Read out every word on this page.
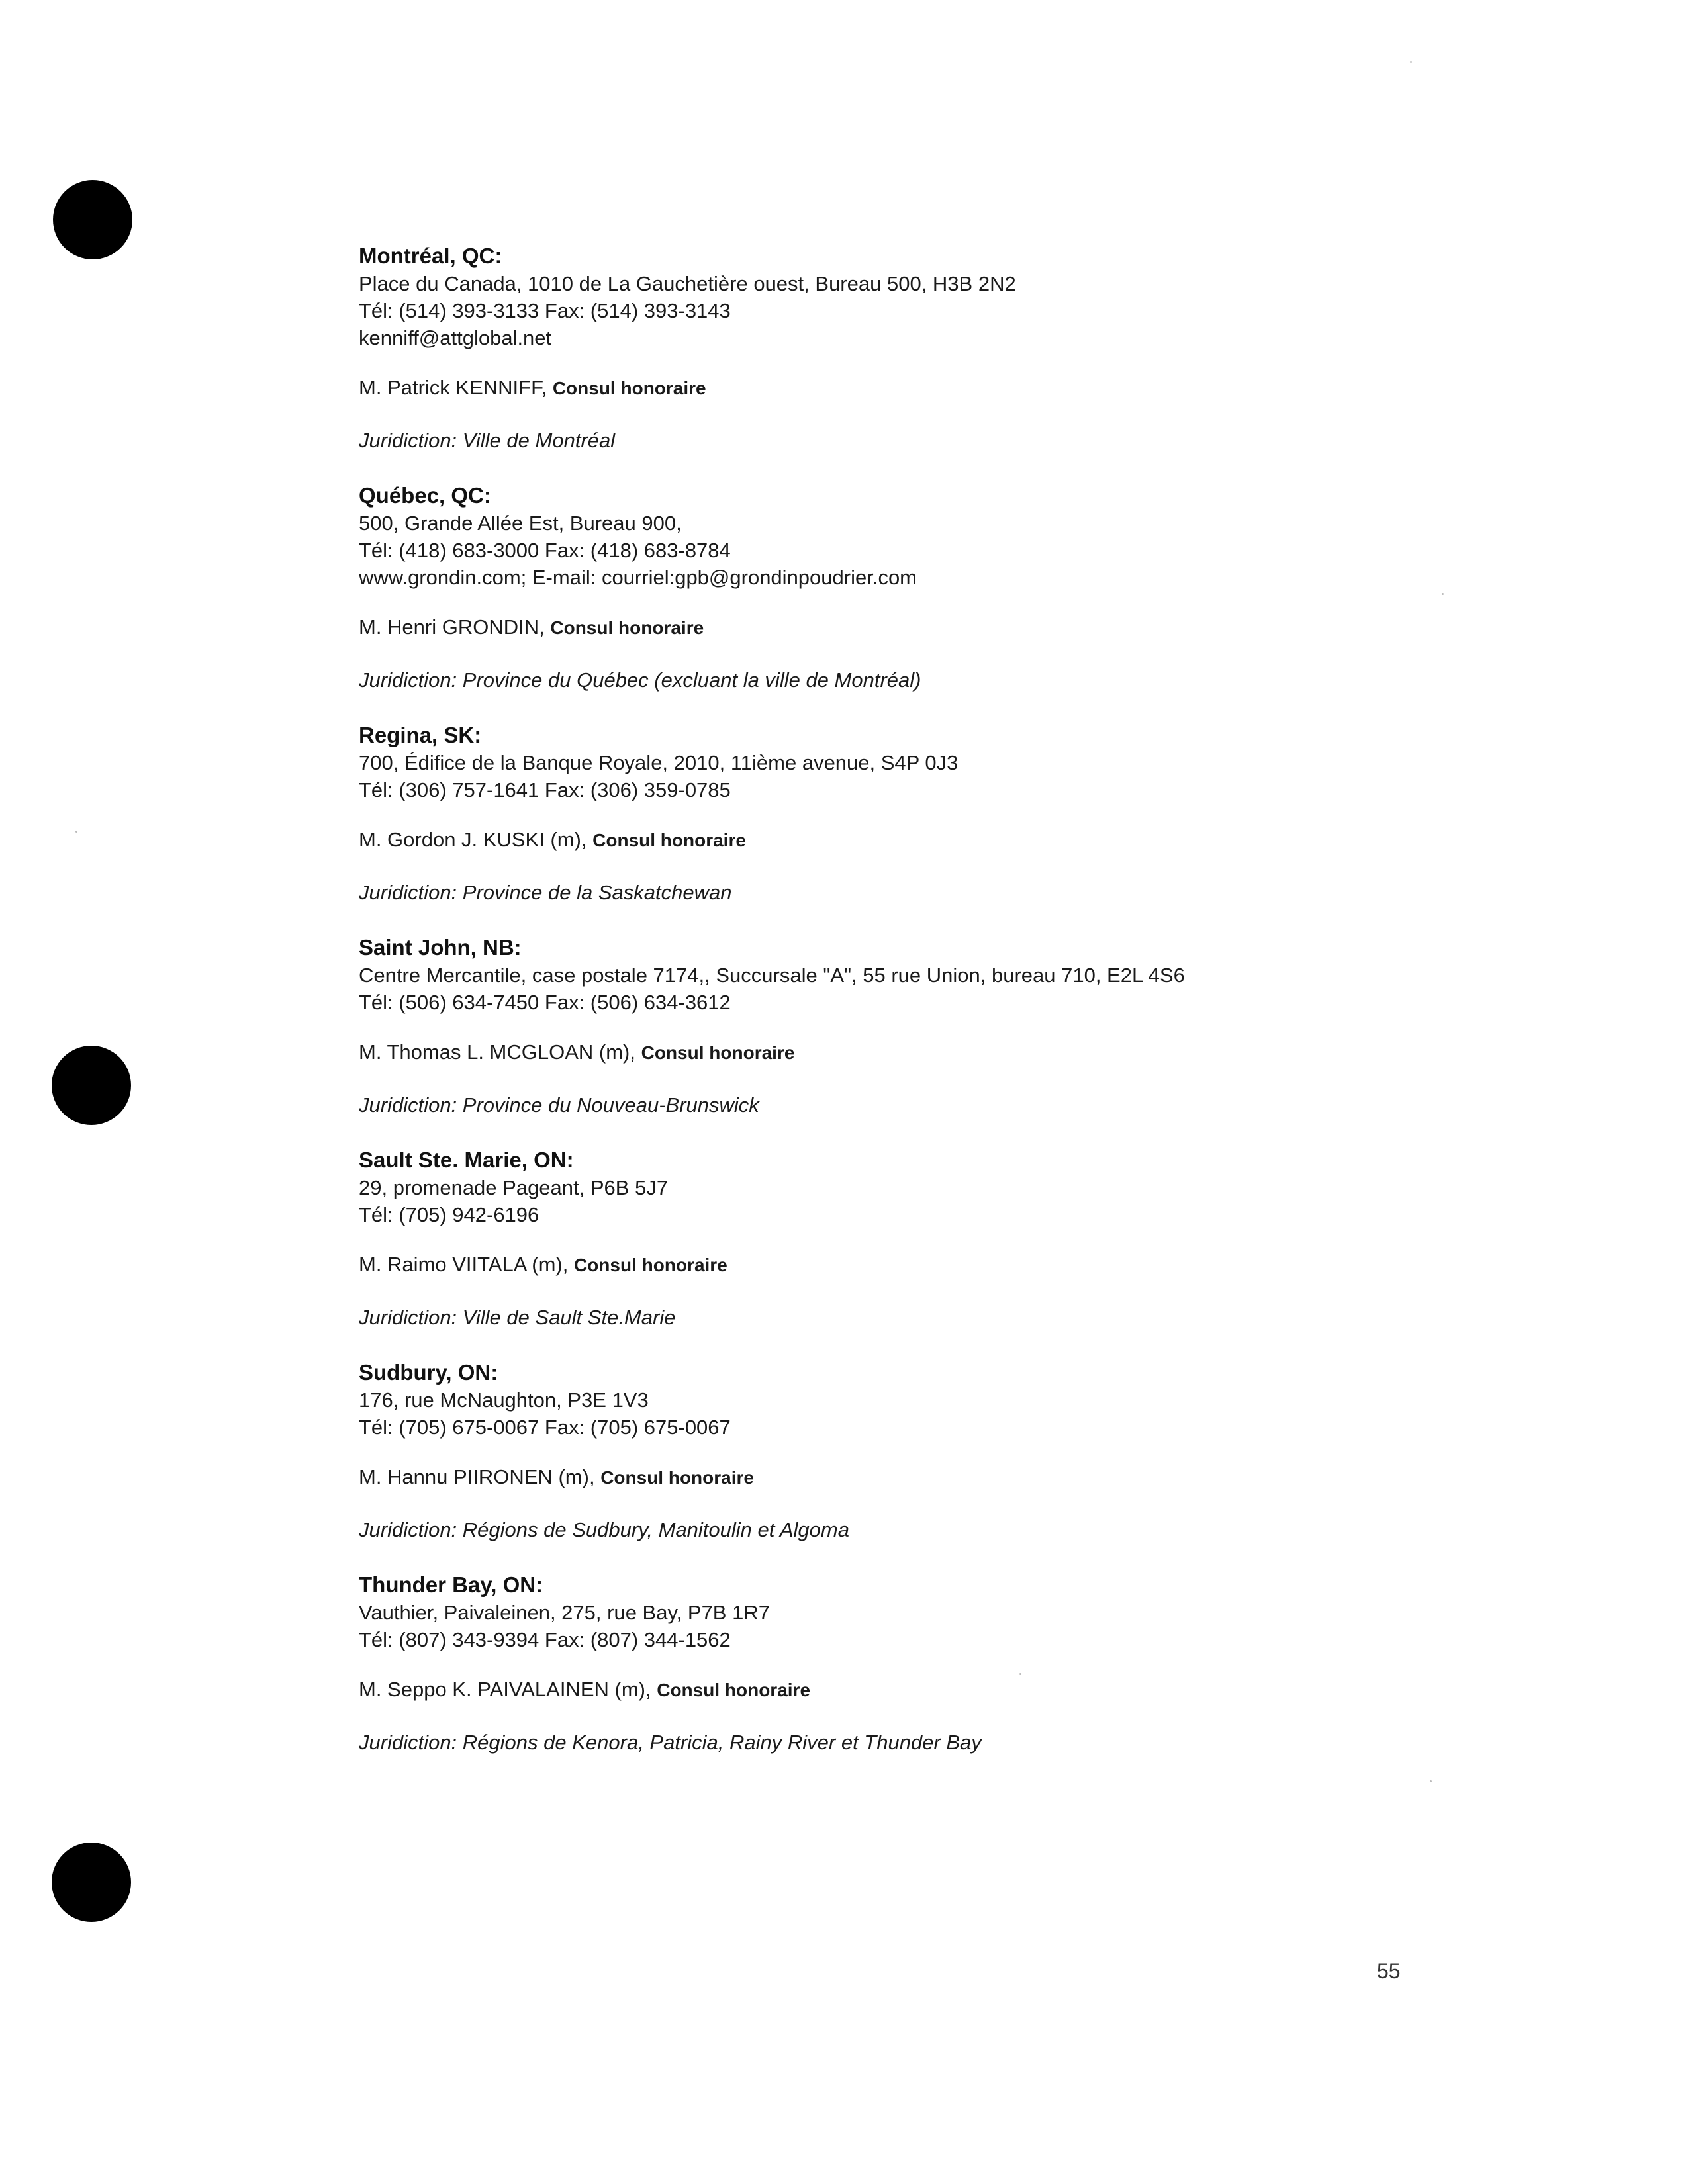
Montréal, QC:
Place du Canada, 1010 de La Gauchetière ouest, Bureau 500, H3B 2N2
Tél: (514) 393-3133 Fax: (514) 393-3143
kenniff@attglobal.net
M. Patrick KENNIFF, Consul honoraire
Juridiction: Ville de Montréal
Québec, QC:
500, Grande Allée Est, Bureau 900,
Tél: (418) 683-3000 Fax: (418) 683-8784
www.grondin.com; E-mail: courriel:gpb@grondinpoudrier.com
M. Henri GRONDIN, Consul honoraire
Juridiction: Province du Québec (excluant la ville de Montréal)
Regina, SK:
700, Édifice de la Banque Royale, 2010, 11ième avenue, S4P 0J3
Tél: (306) 757-1641 Fax: (306) 359-0785
M. Gordon J. KUSKI (m), Consul honoraire
Juridiction: Province de la Saskatchewan
Saint John, NB:
Centre Mercantile, case postale 7174,, Succursale "A", 55 rue Union, bureau 710, E2L 4S6
Tél: (506) 634-7450 Fax: (506) 634-3612
M. Thomas L. MCGLOAN (m), Consul honoraire
Juridiction: Province du Nouveau-Brunswick
Sault Ste. Marie, ON:
29, promenade Pageant, P6B 5J7
Tél: (705) 942-6196
M. Raimo VIITALA (m), Consul honoraire
Juridiction: Ville de Sault Ste.Marie
Sudbury, ON:
176, rue McNaughton, P3E 1V3
Tél: (705) 675-0067 Fax: (705) 675-0067
M. Hannu PIIRONEN (m), Consul honoraire
Juridiction: Régions de Sudbury, Manitoulin et Algoma
Thunder Bay, ON:
Vauthier, Paivaleinen, 275, rue Bay, P7B 1R7
Tél: (807) 343-9394 Fax: (807) 344-1562
M. Seppo K. PAIVALAINEN (m), Consul honoraire
Juridiction: Régions de Kenora, Patricia, Rainy River et Thunder Bay
55
